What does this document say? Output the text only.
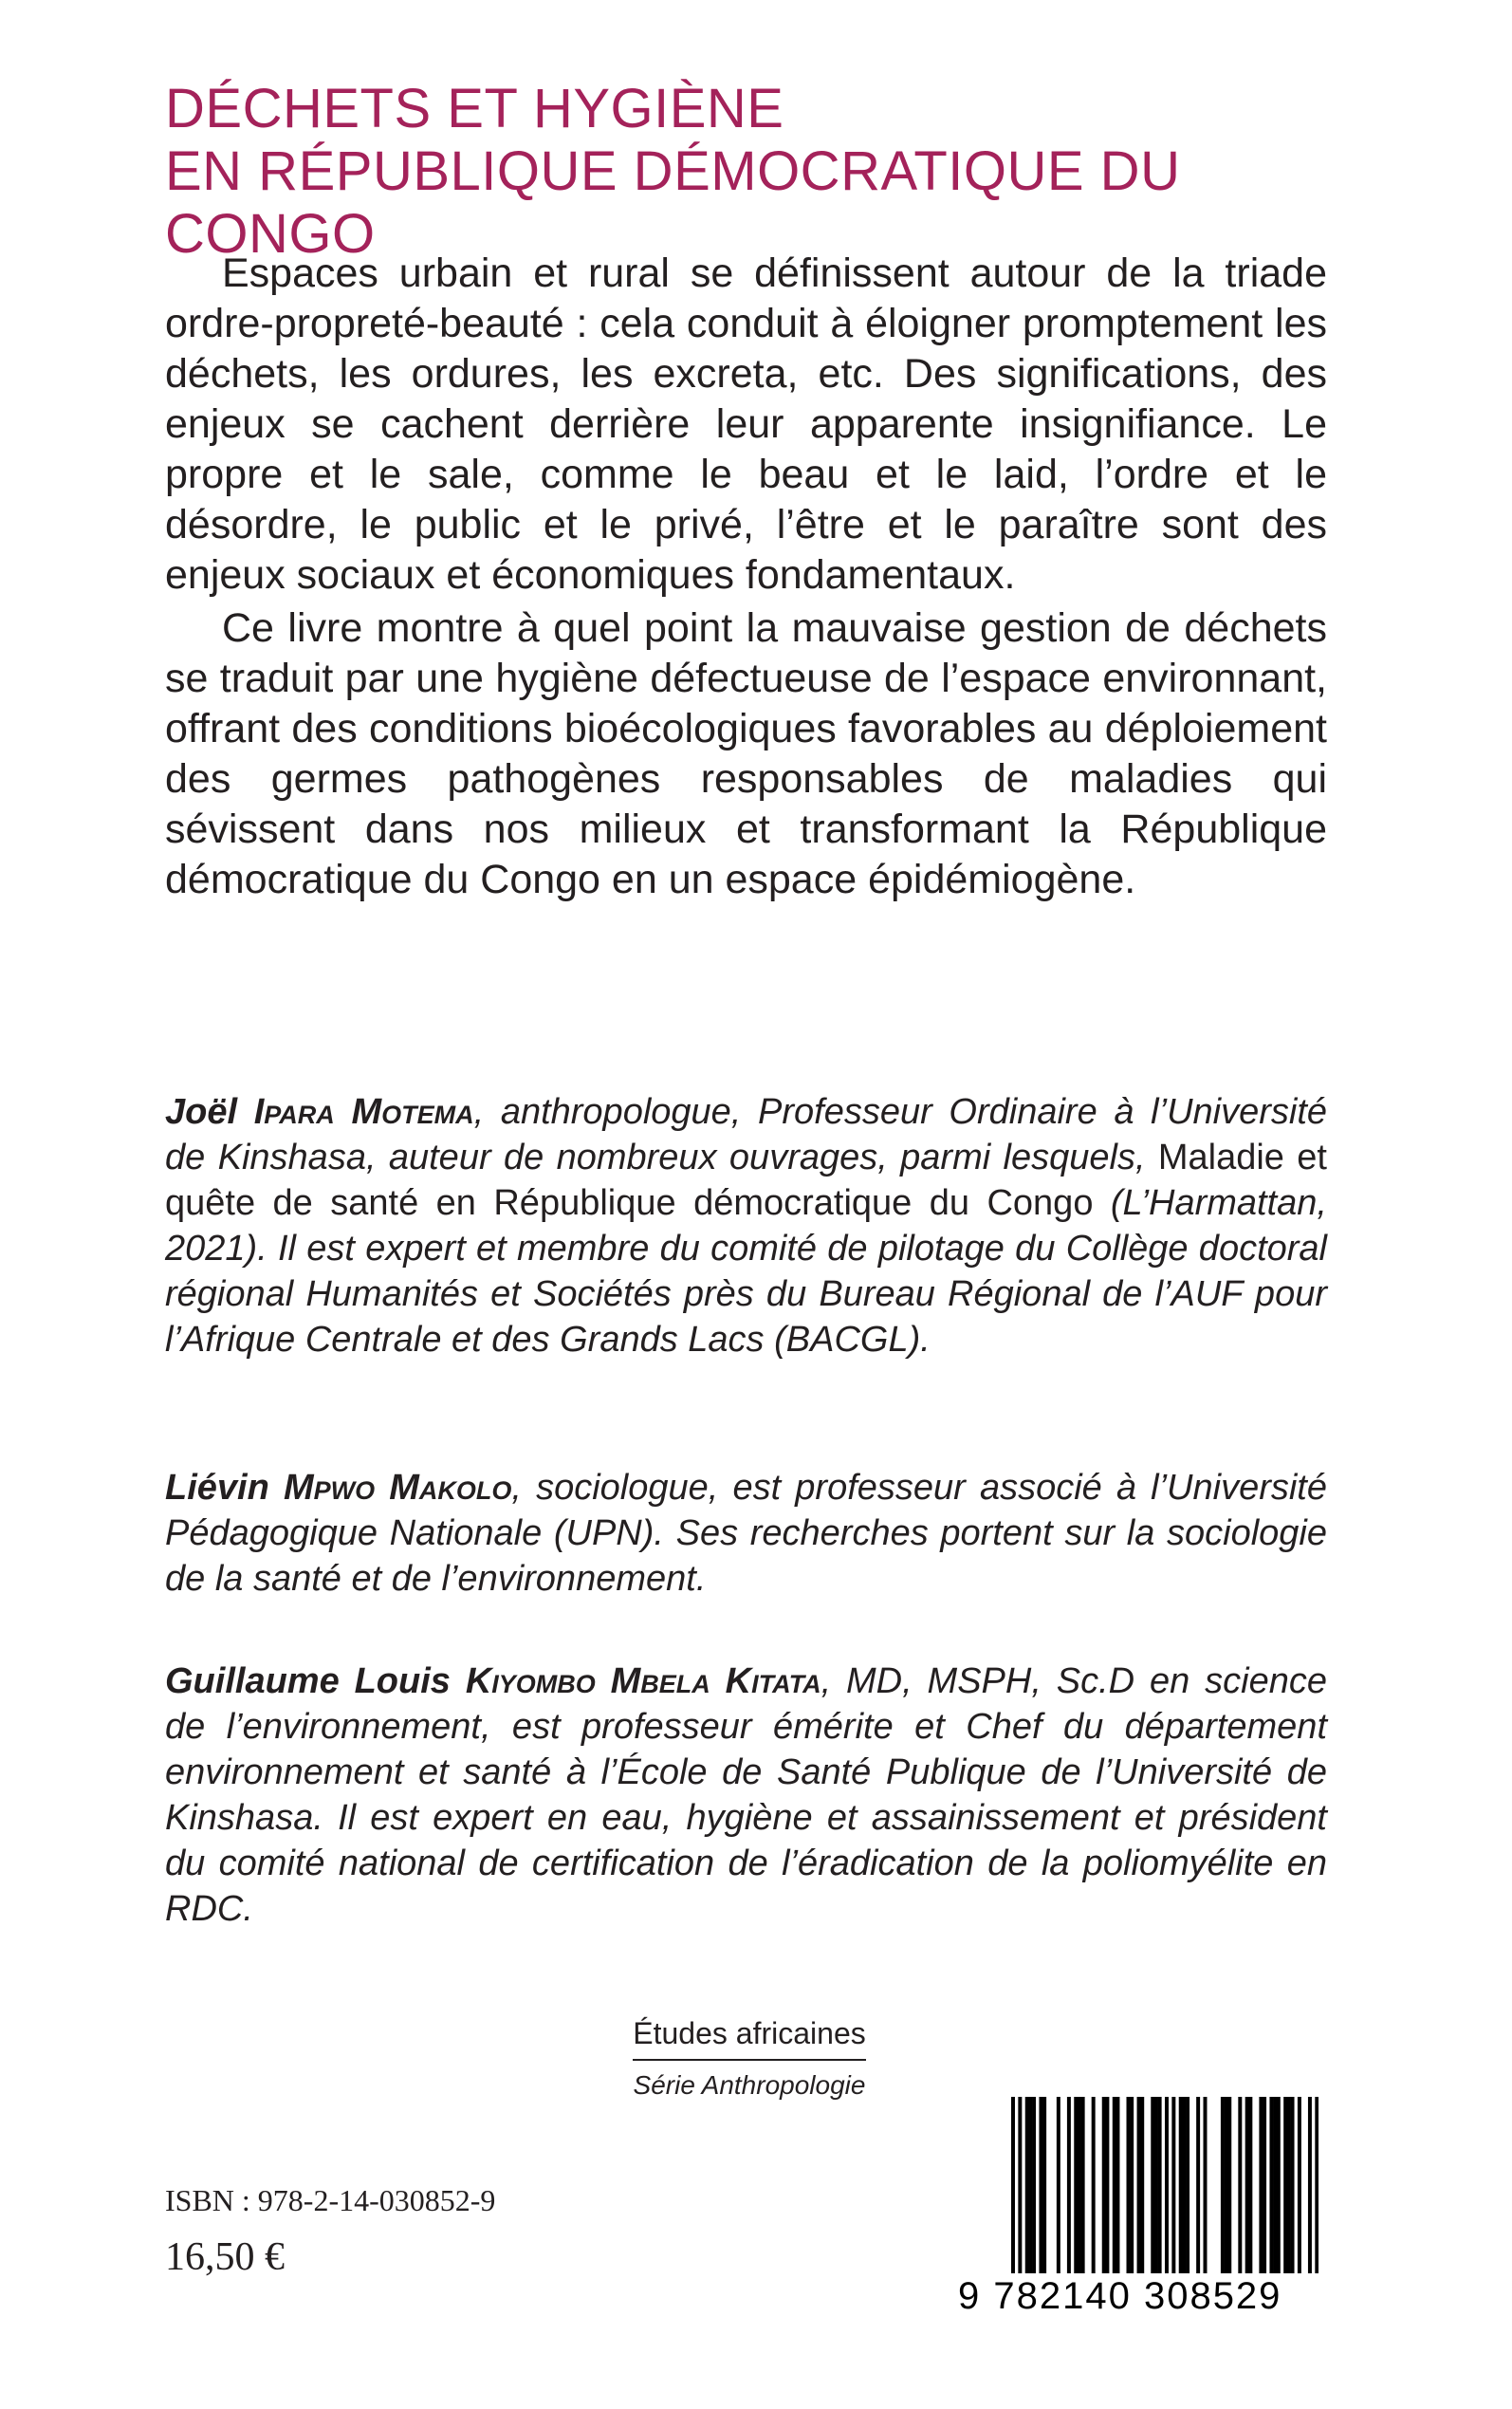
DÉCHETS ET HYGIÈNE
EN RÉPUBLIQUE DÉMOCRATIQUE DU CONGO

Espaces urbain et rural se définissent autour de la triade ordre-propreté-beauté : cela conduit à éloigner promptement les déchets, les ordures, les excreta, etc. Des significations, des enjeux se cachent derrière leur apparente insignifiance. Le propre et le sale, comme le beau et le laid, l’ordre et le désordre, le public et le privé, l’être et le paraître sont des enjeux sociaux et économiques fondamentaux.

Ce livre montre à quel point la mauvaise gestion de déchets se traduit par une hygiène défectueuse de l’espace environnant, offrant des conditions bioécologiques favorables au déploiement des germes pathogènes responsables de maladies qui sévissent dans nos milieux et transformant la République démocratique du Congo en un espace épidémiogène.

Joël Ipara Motema, anthropologue, Professeur Ordinaire à l’Université de Kinshasa, auteur de nombreux ouvrages, parmi lesquels, Maladie et quête de santé en République démocratique du Congo (L’Harmattan, 2021). Il est expert et membre du comité de pilotage du Collège doctoral régional Humanités et Sociétés près du Bureau Régional de l’AUF pour l’Afrique Centrale et des Grands Lacs (BACGL).

Liévin Mpwo Makolo, sociologue, est professeur associé à l’Université Pédagogique Nationale (UPN). Ses recherches portent sur la sociologie de la santé et de l’environnement.

Guillaume Louis Kiyombo Mbela Kitata, MD, MSPH, Sc.D en science de l’environnement, est professeur émérite et Chef du département environnement et santé à l’École de Santé Publique de l’Université de Kinshasa. Il est expert en eau, hygiène et assainissement et président du comité national de certification de l’éradication de la poliomyélite en RDC.

Études africaines
Série Anthropologie
ISBN : 978-2-14-030852-9
16,50 €
9 782140 308529
